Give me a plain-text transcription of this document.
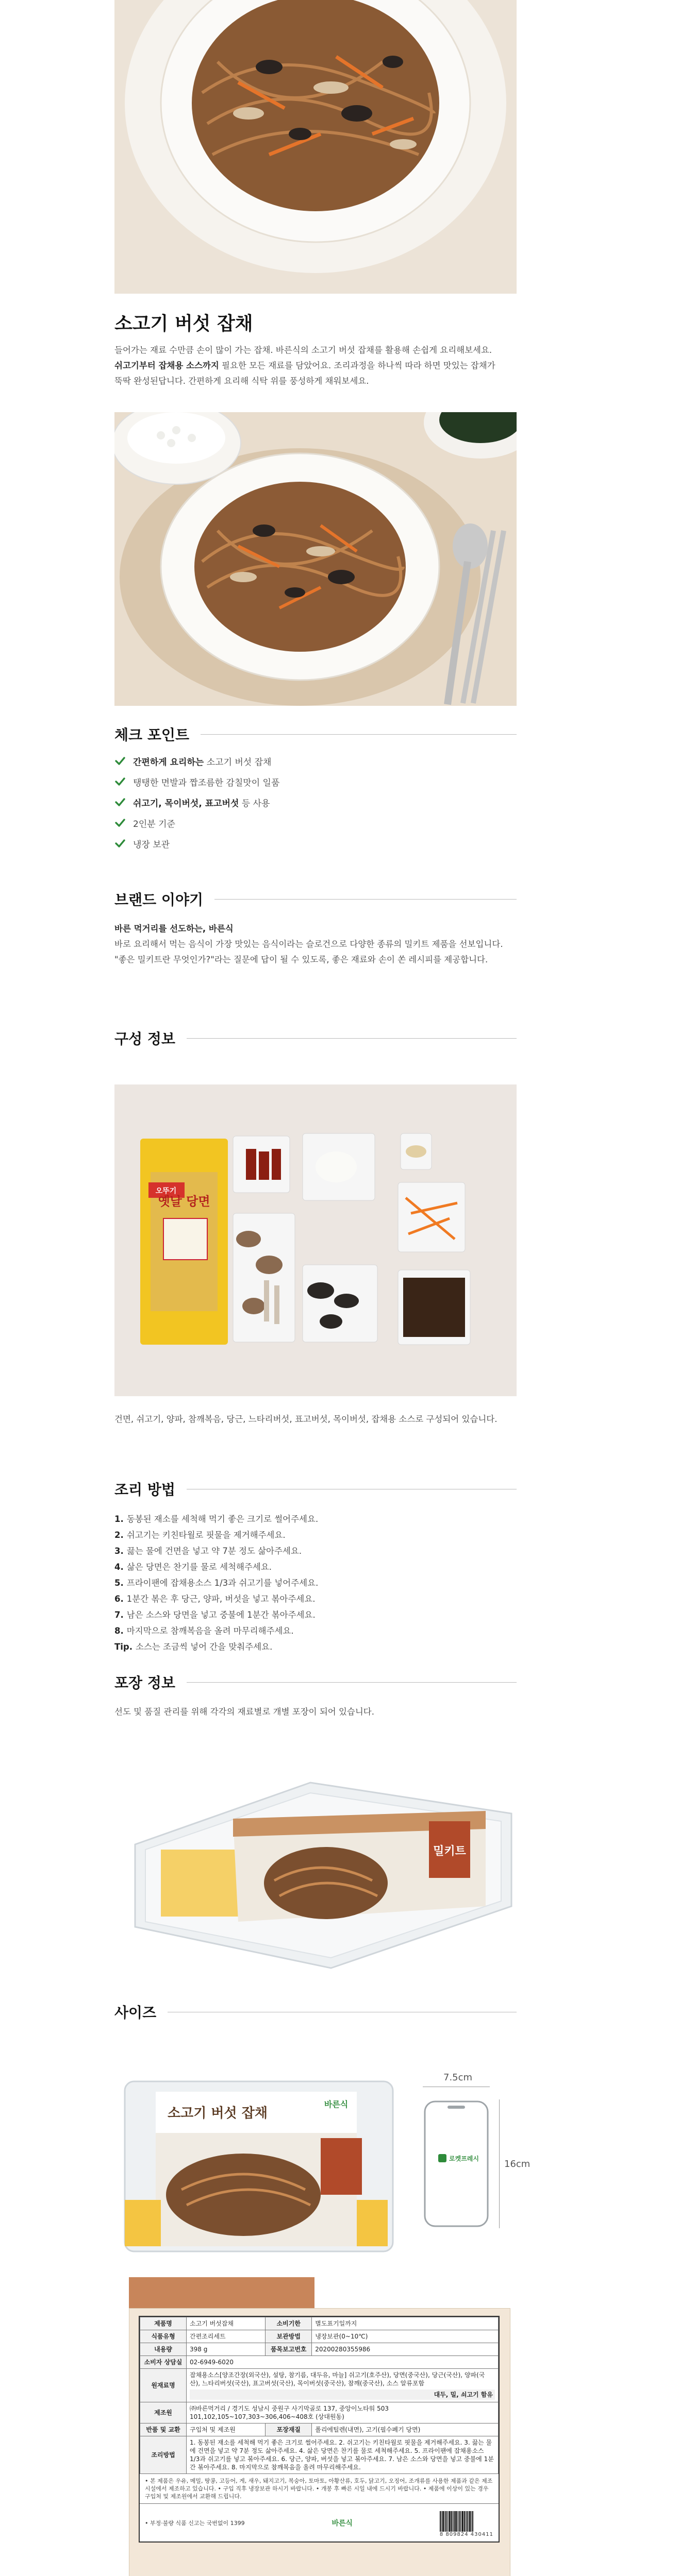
소고기 버섯 잡채
들어가는 재료 수만큼 손이 많이 가는 잡채. 바른식의 소고기 버섯 잡채를 활용해 손쉽게 요리해보세요.
쉬고기부터 잡채용 소스까지 필요한 모든 재료를 담았어요. 조리과정을 하나씩 따라 하면 맛있는 잡채가
뚝딱 완성된답니다. 간편하게 요리해 식탁 위를 풍성하게 채워보세요.
체크 포인트
간편하게 요리하는 소고기 버섯 잡채
탱탱한 면발과 짭조름한 감칠맛이 일품
쉬고기, 목이버섯, 표고버섯 등 사용
2인분 기준
냉장 보관
브랜드 이야기
바른 먹거리를 선도하는, 바른식
바로 요리해서 먹는 음식이 가장 맛있는 음식이라는 슬로건으로 다양한 종류의 밀키트 제품을 선보입니다.
"좋은 밀키트란 무엇인가?"라는 질문에 답이 될 수 있도록, 좋은 재료와 손이 쏜 레시피를 제공합니다.
구성 정보
옛날 당면
오뚜기
건면, 쉬고기, 양파, 참깨복음, 당근, 느타리버섯, 표고버섯, 목이버섯, 잡채용 소스로 구성되어 있습니다.
조리 방법
1. 동봉된 재소를 세척해 먹기 좋은 크기로 썰어주세요.
2. 쉬고기는 키친타월로 핏물을 제거해주세요.
3. 끓는 물에 건면을 넣고 약 7분 정도 삶아주세요.
4. 삶은 당면은 찬기를 물로 세척해주세요.
5. 프라이팬에 잡채용소스 1/3과 쉬고기를 넣어주세요.
6. 1분간 볶은 후 당근, 양파, 버섯을 넣고 볶아주세요.
7. 남은 소스와 당면을 넣고 중불에 1분간 볶아주세요.
8. 마지막으로 참깨복음을 올려 마무리해주세요.
Tip. 소스는 조금씩 넣어 간을 맞춰주세요.
포장 정보
선도 및 품질 관리를 위해 각각의 재료별로 개별 포장이 되어 있습니다.
밀키트
사이즈
소고기 버섯 잡채
바른식
로켓프레시
7.5cm
16cm
제품명	소고기 버섯잡채	소비기한	별도표기일까지
식품유형	간편조리세트	보관방법	냉장보관(0~10℃)
내용량	398 g	품목보고번호	20200280355986
소비자 상담실	02-6949-6020		
원재료명	잡채용소스[양조간장(외국산), 설탕, 참기름, 대두유, 마늘] 쉬고기(호주산), 당면(중국산), 당근(국산), 양파(국산), 느타리버섯(국산), 표고버섯(국산), 목이버섯(중국산), 참깨(중국산), 소스 알류포함
대두, 밀, 쇠고기 함유		

제조원	㈜바른먹거리 / 경기도 성남시 중원구 사기막골로 137, 중앙이노타워 503
101,102,105~107,303~306,406~408호 (상대원동)		

반품 및 교환	구입처 및 제조원	포장재질	폴리에틸렌(내면), 고기(필수폐기 당면)
조리방법	1. 동봉된 재소를 세척해 먹기 좋은 크기로 썰어주세요. 2. 쉬고기는 키친타월로 핏물을 제거해주세요. 3. 끓는 물에 건면을 넣고 약 7분 정도 삶아주세요. 4. 삶은 당면은 찬기를 물로 세척해주세요. 5. 프라이팬에 잡채용소스 1/3과 쉬고기를 넣고 볶아주세요. 6. 당근, 양파, 버섯을 넣고 볶아주세요. 7. 남은 소스와 당면을 넣고 중불에 1분간 볶아주세요. 8. 마지막으로 참깨복음을 올려 마무리해주세요.		
• 본 제품은 우유, 메밀, 땅콩, 고등어, 게, 새우, 돼지고기, 복숭아, 토마토, 아황산류, 호두, 닭고기, 오징어, 조개류를 사용한 제품과 같은 제조시설에서 제조하고 있습니다. • 구입 직후 냉장보관 하시기 바랍니다. • 개봉 후 빠른 시일 내에 드시기 바랍니다. • 제품에 이상이 있는 경우 구입처 및 제조원에서 교환해 드립니다.
• 부정·불량 식품 신고는 국번없이 1399	바른식
8 809824 430411
